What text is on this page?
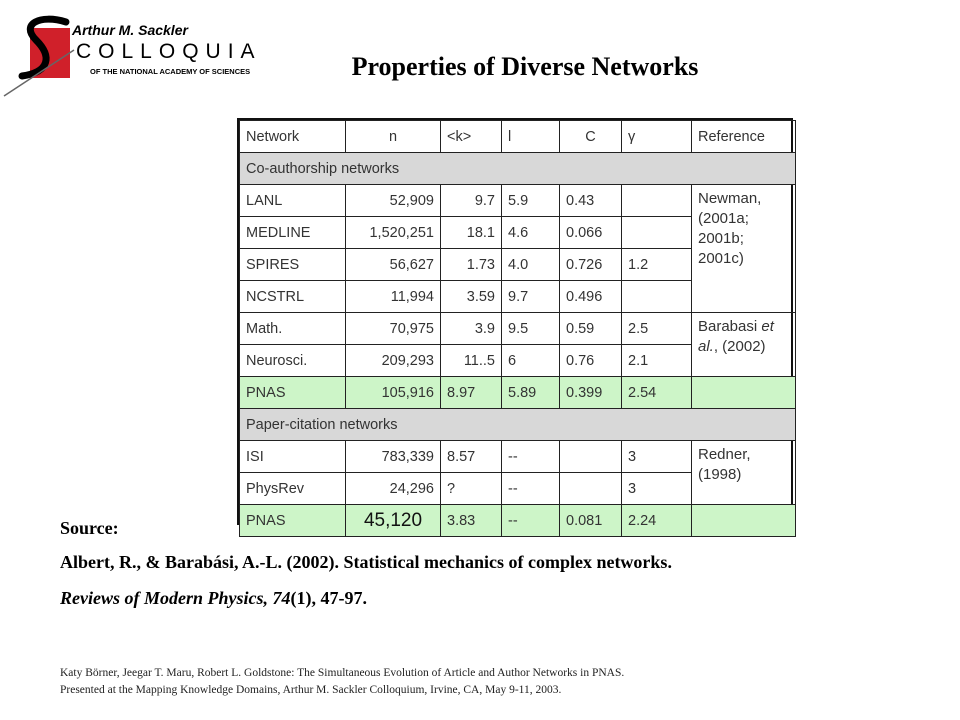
Arthur M. Sackler
COLLOQUIA
OF THE NATIONAL ACADEMY OF SCIENCES	Properties of Diverse Networks
Network	n	<k>	l	C	γ	Reference
Co-authorship networks						
LANL	52,909	9.7	5.9	0.43		Newman, (2001a; 2001b; 2001c)
MEDLINE	1,520,251	18.1	4.6	0.066		
SPIRES	56,627	1.73	4.0	0.726	1.2	
NCSTRL	11,994	3.59	9.7	0.496		
Math.	70,975	3.9	9.5	0.59	2.5	Barabasi et al., (2002)
Neurosci.	209,293	11..5	6	0.76	2.1	
PNAS	105,916	8.97	5.89	0.399	2.54	
Paper-citation networks						
ISI	783,339	8.57	--		3	Redner, (1998)
PhysRev	24,296	?	--		3	
PNAS	45,120	3.83	--	0.081	2.24	
Source:
Albert, R., & Barabási, A.-L. (2002). Statistical mechanics of complex networks.
Reviews of Modern Physics, 74(1), 47-97.
Katy Börner, Jeegar T. Maru, Robert L. Goldstone: The Simultaneous Evolution of Article and Author Networks in PNAS.
Presented at the Mapping Knowledge Domains, Arthur M. Sackler Colloquium, Irvine, CA, May 9-11, 2003.
